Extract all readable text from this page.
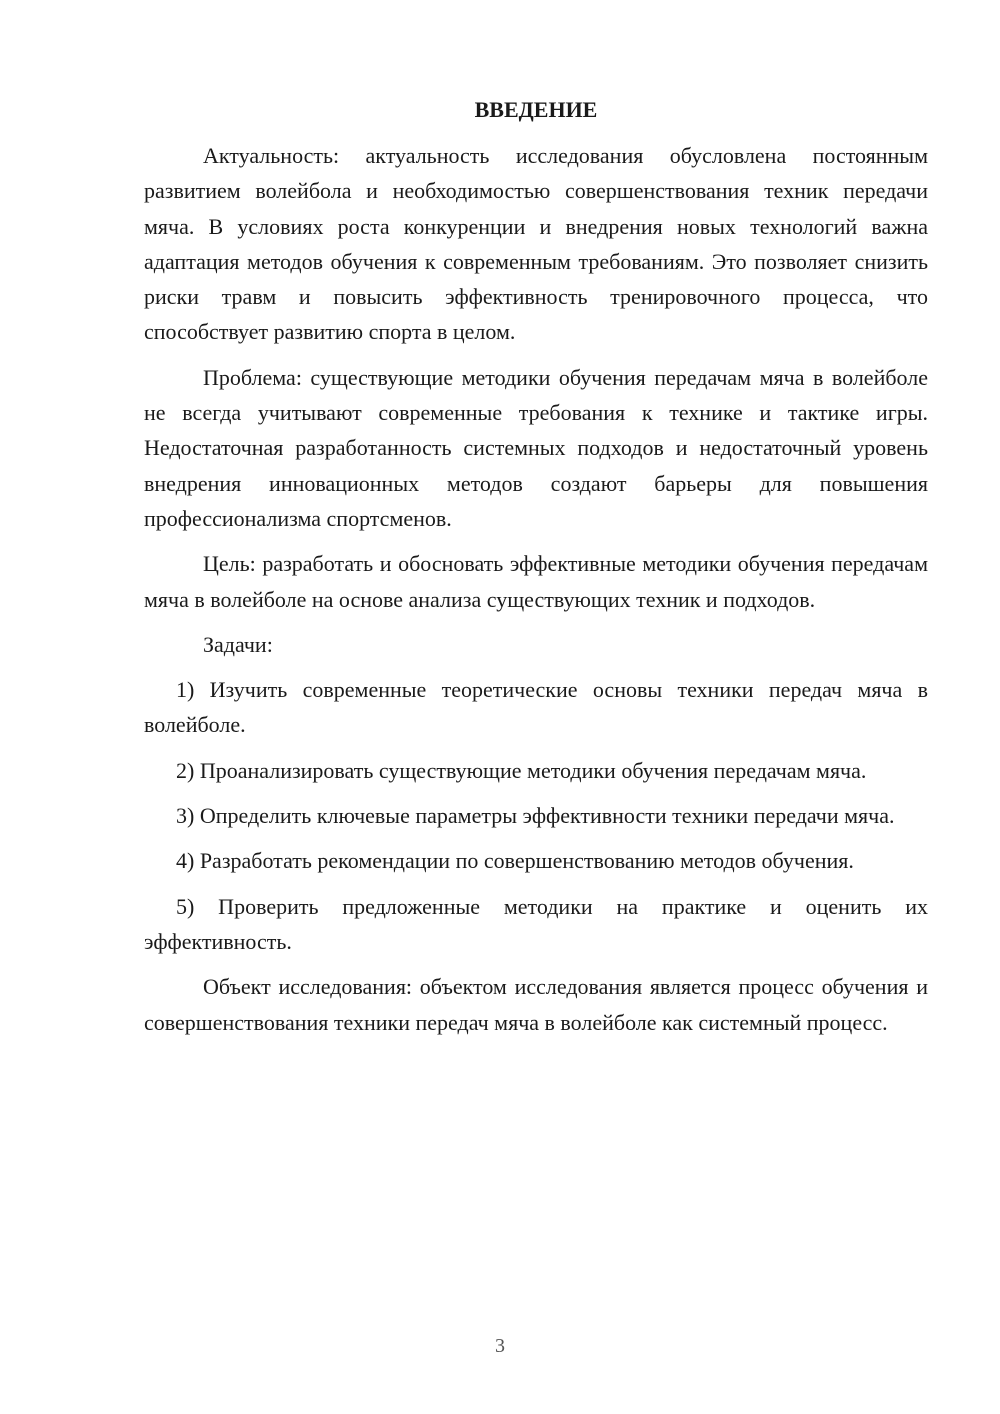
ВВЕДЕНИЕ

Актуальность: актуальность исследования обусловлена постоянным развитием волейбола и необходимостью совершенствования техник передачи мяча. В условиях роста конкуренции и внедрения новых технологий важна адаптация методов обучения к современным требованиям. Это позволяет снизить риски травм и повысить эффективность тренировочного процесса, что способствует развитию спорта в целом.

Проблема: существующие методики обучения передачам мяча в волейболе не всегда учитывают современные требования к технике и тактике игры. Недостаточная разработанность системных подходов и недостаточный уровень внедрения инновационных методов создают барьеры для повышения профессионализма спортсменов.

Цель: разработать и обосновать эффективные методики обучения передачам мяча в волейболе на основе анализа существующих техник и подходов.

Задачи:

1) Изучить современные теоретические основы техники передач мяча в волейболе.

2) Проанализировать существующие методики обучения передачам мяча.

3) Определить ключевые параметры эффективности техники передачи мяча.

4) Разработать рекомендации по совершенствованию методов обучения.

5) Проверить предложенные методики на практике и оценить их эффективность.

Объект исследования: объектом исследования является процесс обучения и совершенствования техники передач мяча в волейболе как системный процесс.

3
